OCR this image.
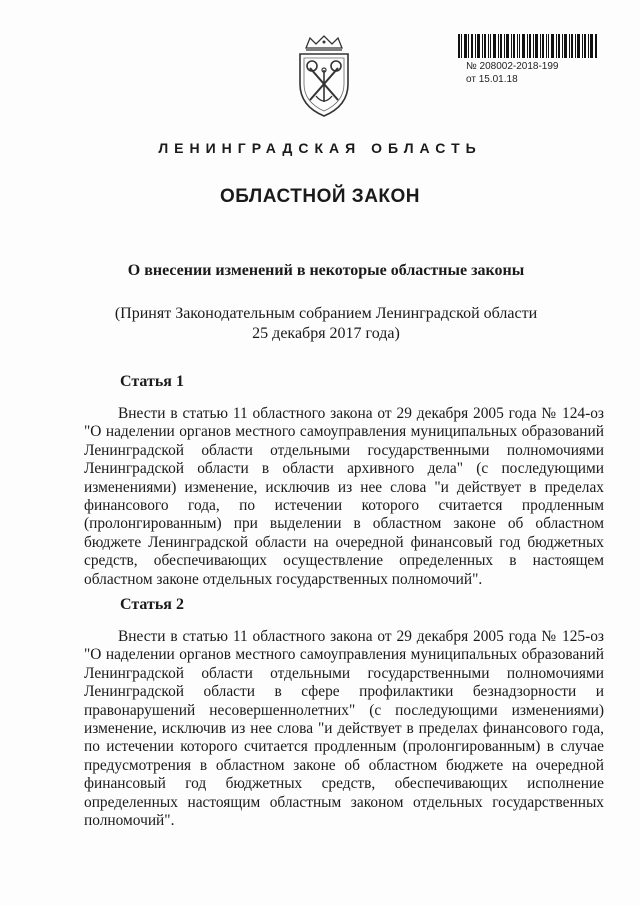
№ 208002-2018-199
от 15.01.18
ЛЕНИНГРАДСКАЯ ОБЛАСТЬ
ОБЛАСТНОЙ ЗАКОН
О внесении изменений в некоторые областные законы
(Принят Законодательным собранием Ленинградской области
25 декабря 2017 года)
Статья 1

Внести в статью 11 областного закона от 29 декабря 2005 года № 124-оз "О наделении органов местного самоуправления муниципальных образований Ленинградской области отдельными государственными полномочиями Ленинградской области в области архивного дела" (с последующими изменениями) изменение, исключив из нее слова "и действует в пределах финансового года, по истечении которого считается продленным (пролонгированным) при выделении в областном законе об областном бюджете Ленинградской области на очередной финансовый год бюджетных средств, обеспечивающих осуществление определенных в настоящем областном законе отдельных государственных полномочий".

Статья 2

Внести в статью 11 областного закона от 29 декабря 2005 года № 125-оз "О наделении органов местного самоуправления муниципальных образований Ленинградской области отдельными государственными полномочиями Ленинградской области в сфере профилактики безнадзорности и правонарушений несовершеннолетних" (с последующими изменениями) изменение, исключив из нее слова "и действует в пределах финансового года, по истечении которого считается продленным (пролонгированным) в случае предусмотрения в областном законе об областном бюджете на очередной финансовый год бюджетных средств, обеспечивающих исполнение определенных настоящим областным законом отдельных государственных полномочий".
